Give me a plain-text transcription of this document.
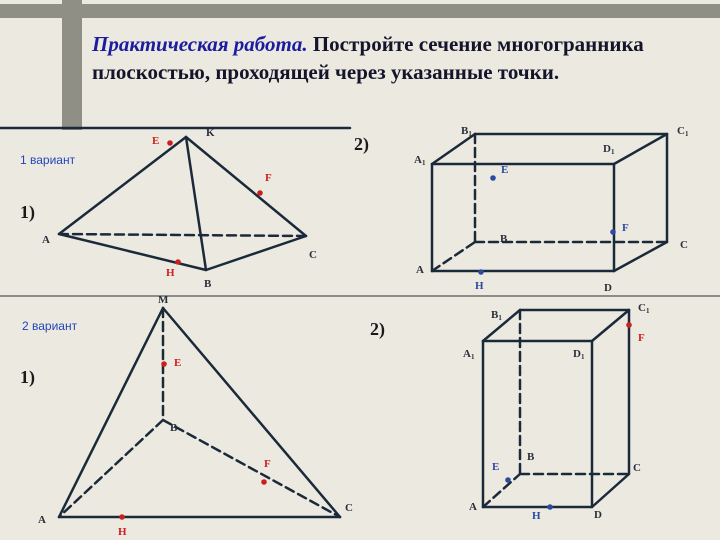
Практическая работа. Постройте сечение многогранника плоскостью, проходящей через указанные точки.
K
A
B
C
E
F
H
1 вариант
1)
B1	C1
A1
D1
B	C
A
D
E
F
H
2)
M
B
A
C
E
F
H
2 вариант
1)
B1
C1
A1	D1
B
C
A
D
F
E
H
2)
